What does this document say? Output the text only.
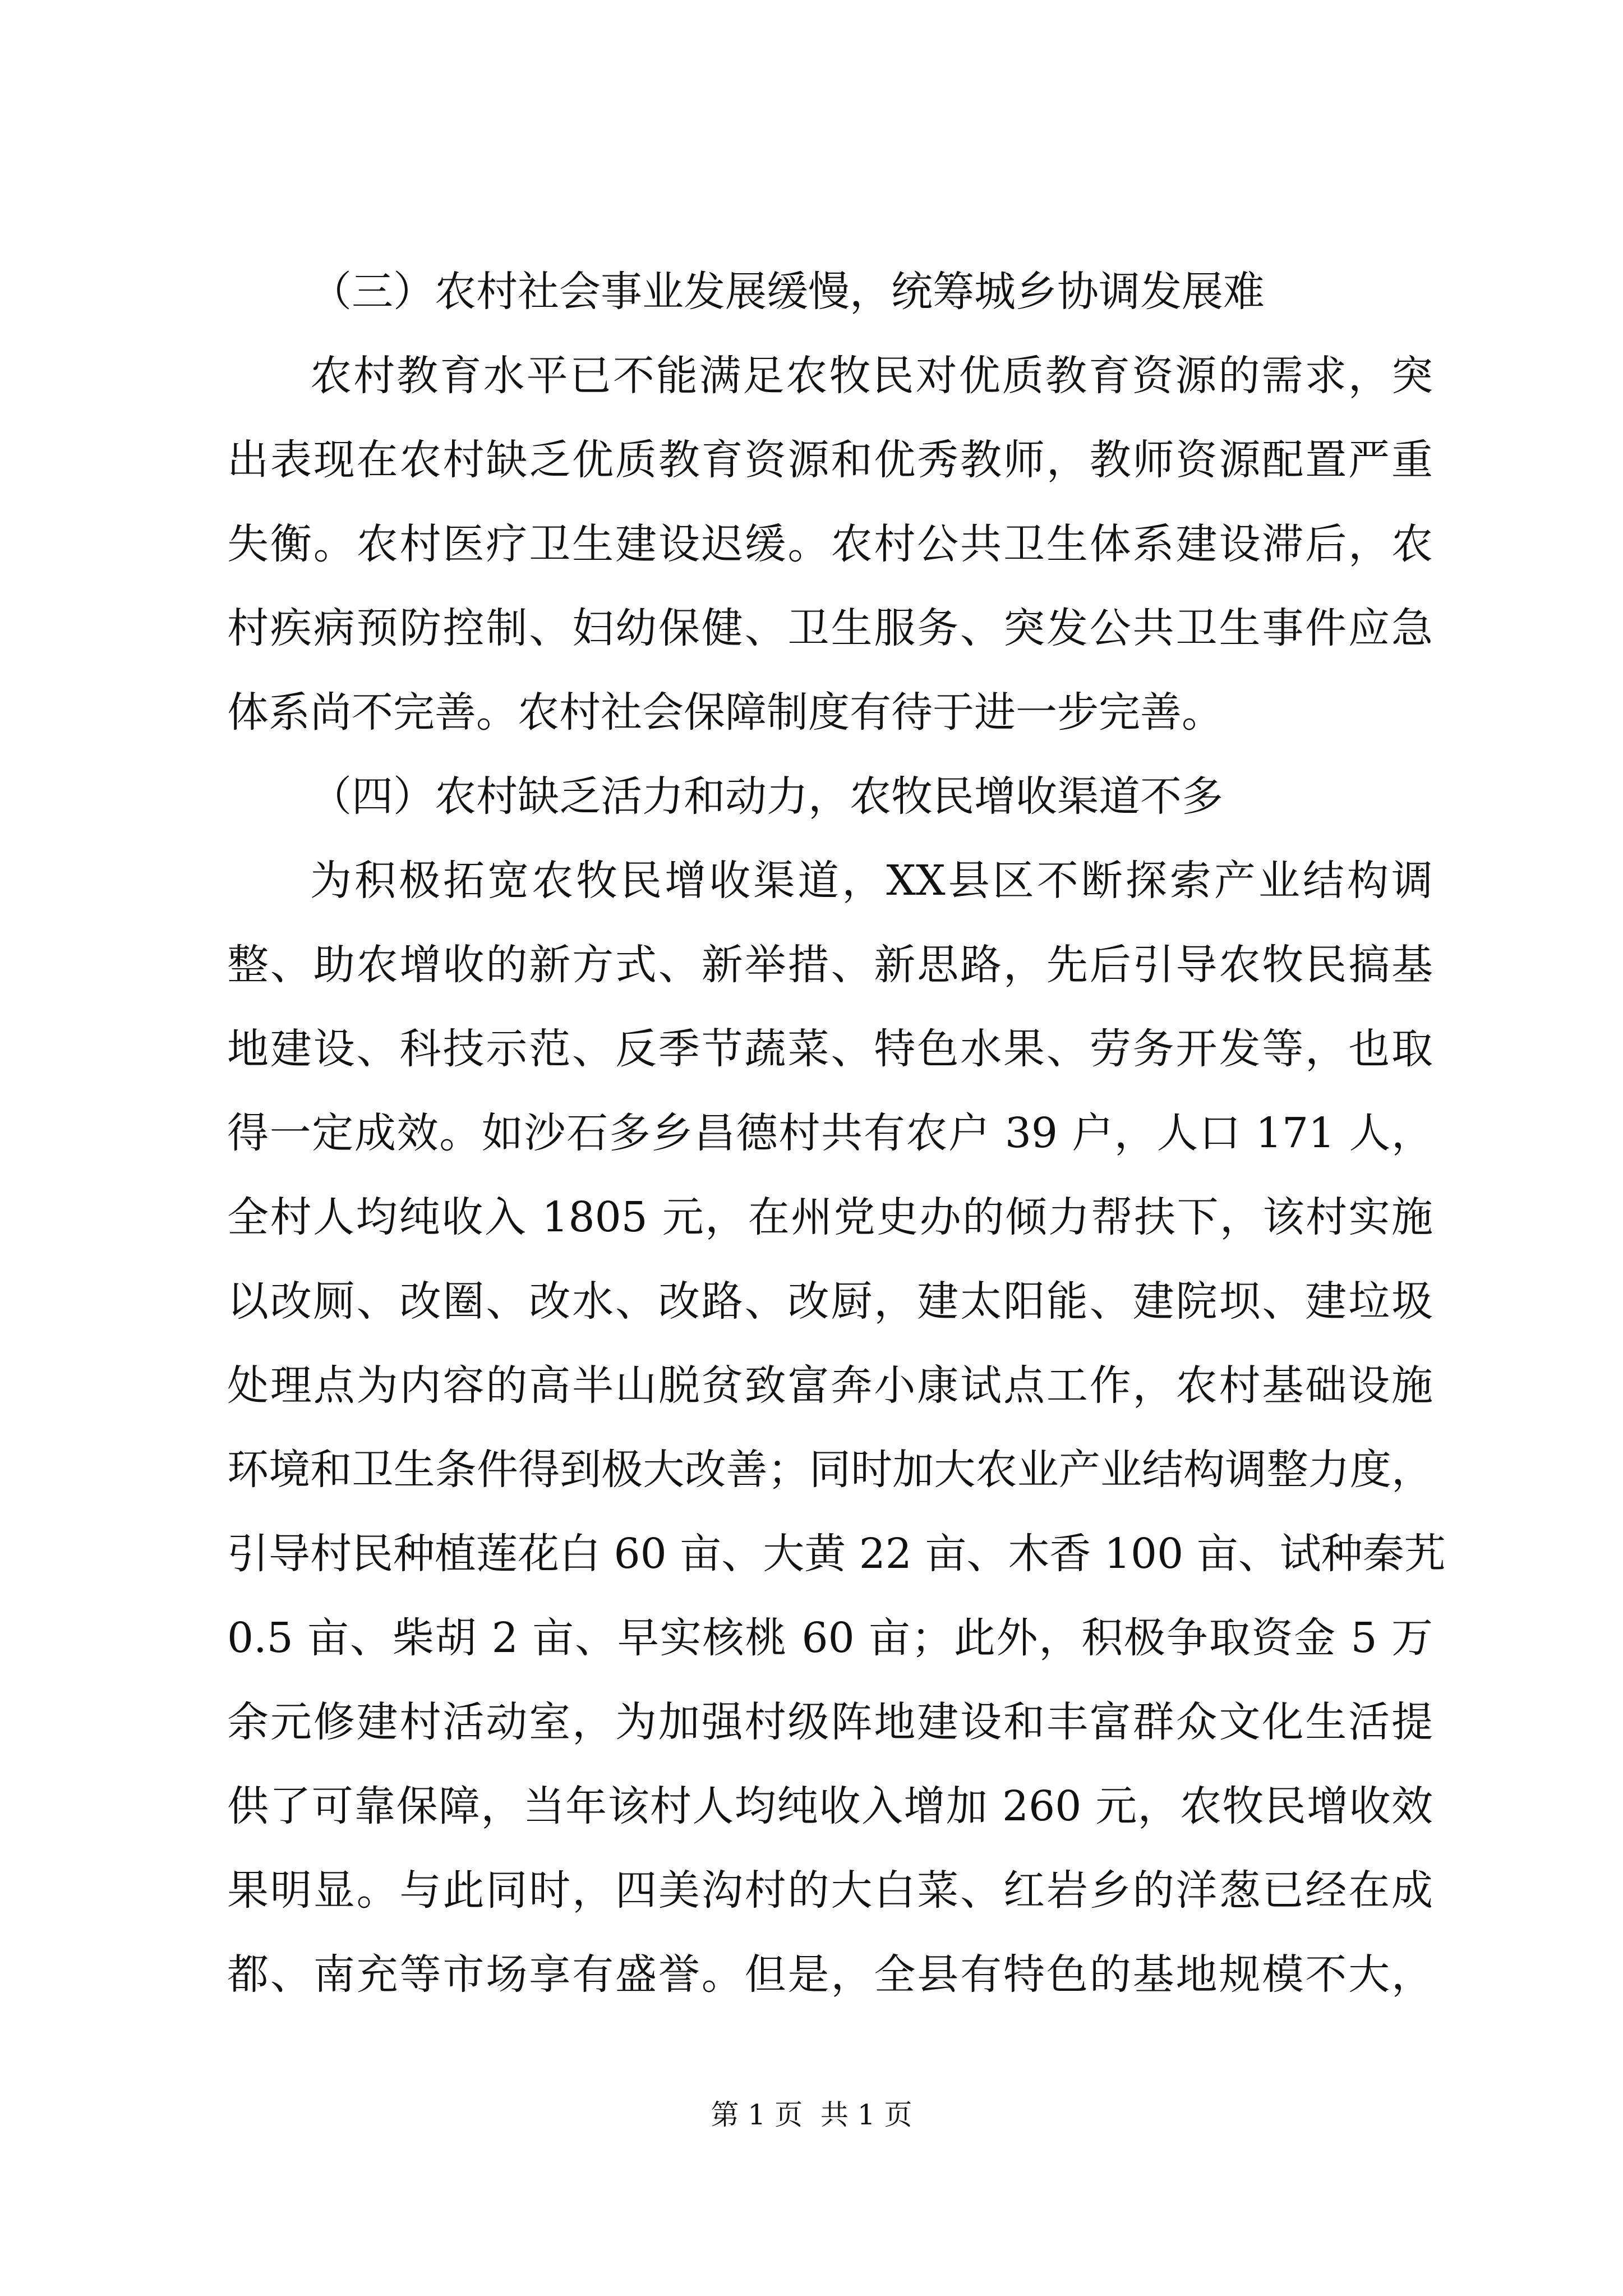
（三）农村社会事业发展缓慢，统筹城乡协调发展难
农村教育水平已不能满足农牧民对优质教育资源的需求，突
出表现在农村缺乏优质教育资源和优秀教师，教师资源配置严重
失衡。农村医疗卫生建设迟缓。农村公共卫生体系建设滞后，农
村疾病预防控制、妇幼保健、卫生服务、突发公共卫生事件应急
体系尚不完善。农村社会保障制度有待于进一步完善。
（四）农村缺乏活力和动力，农牧民增收渠道不多
为积极拓宽农牧民增收渠道，XX县区不断探索产业结构调
整、助农增收的新方式、新举措、新思路，先后引导农牧民搞基
地建设、科技示范、反季节蔬菜、特色水果、劳务开发等，也取
得一定成效。如沙石多乡昌德村共有农户 39 户，人口 171 人，
全村人均纯收入 1805 元，在州党史办的倾力帮扶下，该村实施
以改厕、改圈、改水、改路、改厨，建太阳能、建院坝、建垃圾
处理点为内容的高半山脱贫致富奔小康试点工作，农村基础设施
环境和卫生条件得到极大改善；同时加大农业产业结构调整力度，
引导村民种植莲花白 60 亩、大黄 22 亩、木香 100 亩、试种秦艽
0.5 亩、柴胡 2 亩、早实核桃 60 亩；此外，积极争取资金 5 万
余元修建村活动室，为加强村级阵地建设和丰富群众文化生活提
供了可靠保障，当年该村人均纯收入增加 260 元，农牧民增收效
果明显。与此同时，四美沟村的大白菜、红岩乡的洋葱已经在成
都、南充等市场享有盛誉。但是，全县有特色的基地规模不大，
第 1 页  共 1 页
